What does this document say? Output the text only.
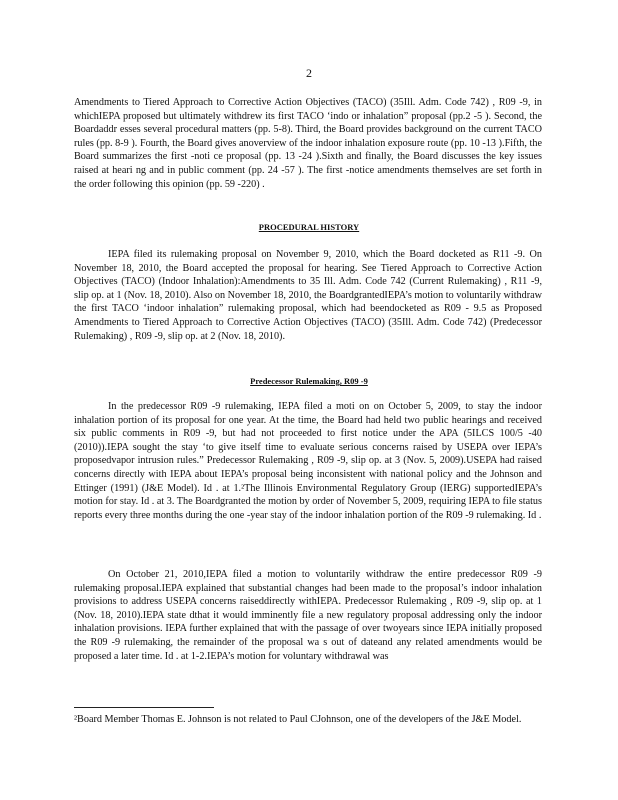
2
Amendments to Tiered Approach to Corrective Action Objectives (TACO) (35Ill. Adm. Code 742) , R09 -9, in whichIEPA proposed but ultimately withdrew its first TACO ‘indo or inhalation” proposal (pp.2 -5 ). Second, the Boardaddr esses several procedural matters (pp. 5-8). Third, the Board provides background on the current TACO rules (pp. 8-9 ). Fourth, the Board gives anoverview of the indoor inhalation exposure route (pp. 10 -13 ).Fifth, the Board summarizes the first -noti ce proposal (pp. 13 -24 ).Sixth and finally, the Board discusses the key issues raised at heari ng and in public comment (pp. 24 -57 ). The first -notice amendments themselves are set forth in the order following this opinion (pp. 59 -220) .
PROCEDURAL HISTORY
IEPA filed its rulemaking proposal on November 9, 2010, which the Board docketed as R11 -9. On November 18, 2010, the Board accepted the proposal for hearing. See Tiered Approach to Corrective Action Objectives (TACO) (Indoor Inhalation):Amendments to 35 Ill. Adm. Code 742 (Current Rulemaking) , R11 -9, slip op. at 1 (Nov. 18, 2010). Also on November 18, 2010, the BoardgrantedIEPA’s motion to voluntarily withdraw the first TACO ‘indoor inhalation” rulemaking proposal, which had beendocketed as R09 - 9.5 as Proposed Amendments to Tiered Approach to Corrective Action Objectives (TACO) (35Ill. Adm. Code 742) (Predecessor Rulemaking) , R09 -9, slip op. at 2 (Nov. 18, 2010).
Predecessor Rulemaking, R09 -9
In the predecessor R09 -9 rulemaking, IEPA filed a moti on on October 5, 2009, to stay the indoor inhalation portion of its proposal for one year. At the time, the Board had held two public hearings and received six public comments in R09 -9, but had not proceeded to first notice under the APA (5ILCS 100/5 -40 (2010)).IEPA sought the stay ‘to give itself time to evaluate serious concerns raised by USEPA over IEPA’s proposedvapor intrusion rules.” Predecessor Rulemaking , R09 -9, slip op. at 3 (Nov. 5, 2009).USEPA had raised concerns directly with IEPA about IEPA’s proposal being inconsistent with national policy and the Johnson and Ettinger (1991) (J&E Model). Id . at 1.²The Illinois Environmental Regulatory Group (IERG) supportedIEPA’s motion for stay. Id . at 3. The Boardgranted the motion by order of November 5, 2009, requiring IEPA to file status reports every three months during the one -year stay of the indoor inhalation portion of the R09 -9 rulemaking. Id .
On October 21, 2010,IEPA filed a motion to voluntarily withdraw the entire predecessor R09 -9 rulemaking proposal.IEPA explained that substantial changes had been made to the proposal’s indoor inhalation provisions to address USEPA concerns raiseddirectly withIEPA. Predecessor Rulemaking , R09 -9, slip op. at 1 (Nov. 18, 2010).IEPA state dthat it would imminently file a new regulatory proposal addressing only the indoor inhalation provisions. IEPA further explained that with the passage of over twoyears since IEPA initially proposed the R09 -9 rulemaking, the remainder of the proposal wa s out of dateand any related amendments would be proposed a later time. Id . at 1-2.IEPA’s motion for voluntary withdrawal was
²Board Member Thomas E. Johnson is not related to Paul CJohnson, one of the developers of the J&E Model.
